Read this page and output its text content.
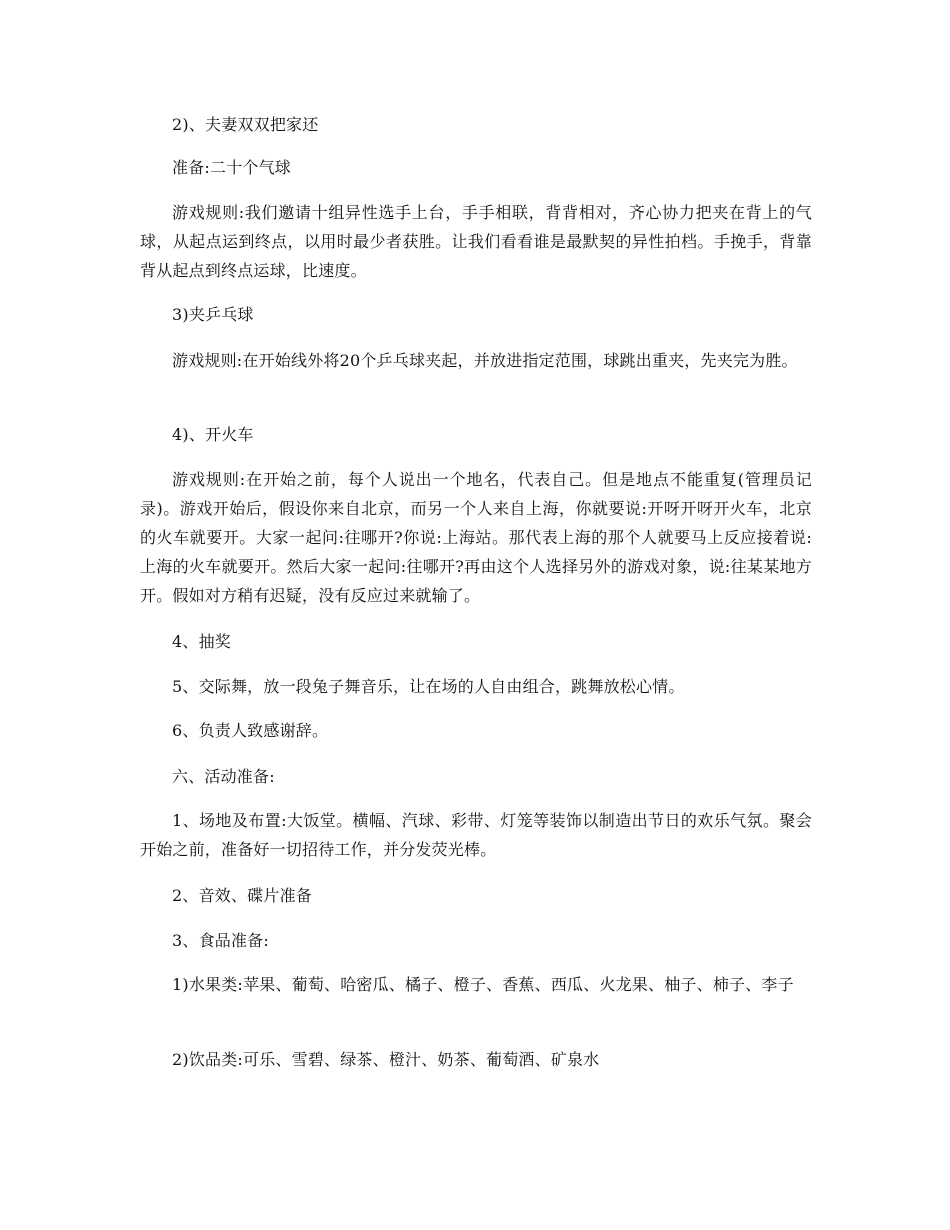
2)、夫妻双双把家还

准备:二十个气球

游戏规则:我们邀请十组异性选手上台，手手相联，背背相对，齐心协力把夹在背上的气球，从起点运到终点，以用时最少者获胜。让我们看看谁是最默契的异性拍档。手挽手，背靠背从起点到终点运球，比速度。

3)夹乒乓球

游戏规则:在开始线外将20个乒乓球夹起，并放进指定范围，球跳出重夹，先夹完为胜。

4)、开火车

游戏规则:在开始之前，每个人说出一个地名，代表自己。但是地点不能重复(管理员记录)。游戏开始后，假设你来自北京，而另一个人来自上海，你就要说:开呀开呀开火车，北京的火车就要开。大家一起问:往哪开?你说:上海站。那代表上海的那个人就要马上反应接着说:上海的火车就要开。然后大家一起问:往哪开?再由这个人选择另外的游戏对象，说:往某某地方开。假如对方稍有迟疑，没有反应过来就输了。

4、抽奖

5、交际舞，放一段兔子舞音乐，让在场的人自由组合，跳舞放松心情。

6、负责人致感谢辞。

六、活动准备:

1、场地及布置:大饭堂。横幅、汽球、彩带、灯笼等装饰以制造出节日的欢乐气氛。聚会开始之前，准备好一切招待工作，并分发荧光棒。

2、音效、碟片准备

3、食品准备:

1)水果类:苹果、葡萄、哈密瓜、橘子、橙子、香蕉、西瓜、火龙果、柚子、柿子、李子

2)饮品类:可乐、雪碧、绿茶、橙汁、奶茶、葡萄酒、矿泉水
